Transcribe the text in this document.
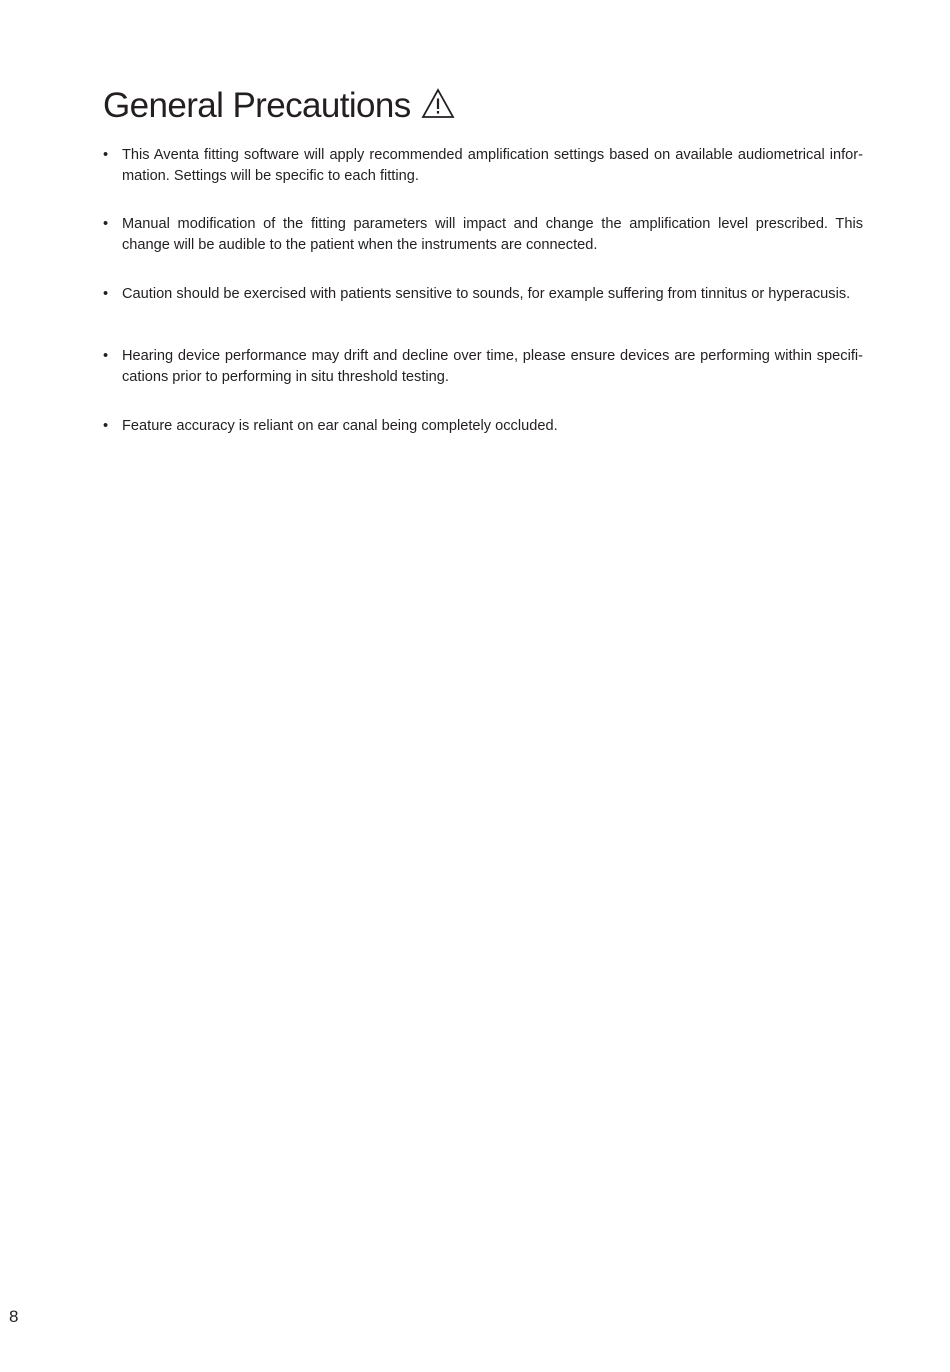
General Precautions
• This Aventa fitting software will apply recommended amplification settings based on available audiometrical infor-mation. Settings will be specific to each fitting.
• Manual modification of the fitting parameters will impact and change the amplification level prescribed. This change will be audible to the patient when the instruments are connected.
• Caution should be exercised with patients sensitive to sounds, for example suffering from tinnitus or hyperacusis.
• Hearing device performance may drift and decline over time, please ensure devices are performing within specifi-cations prior to performing in situ threshold testing.
• Feature accuracy is reliant on ear canal being completely occluded.
8
